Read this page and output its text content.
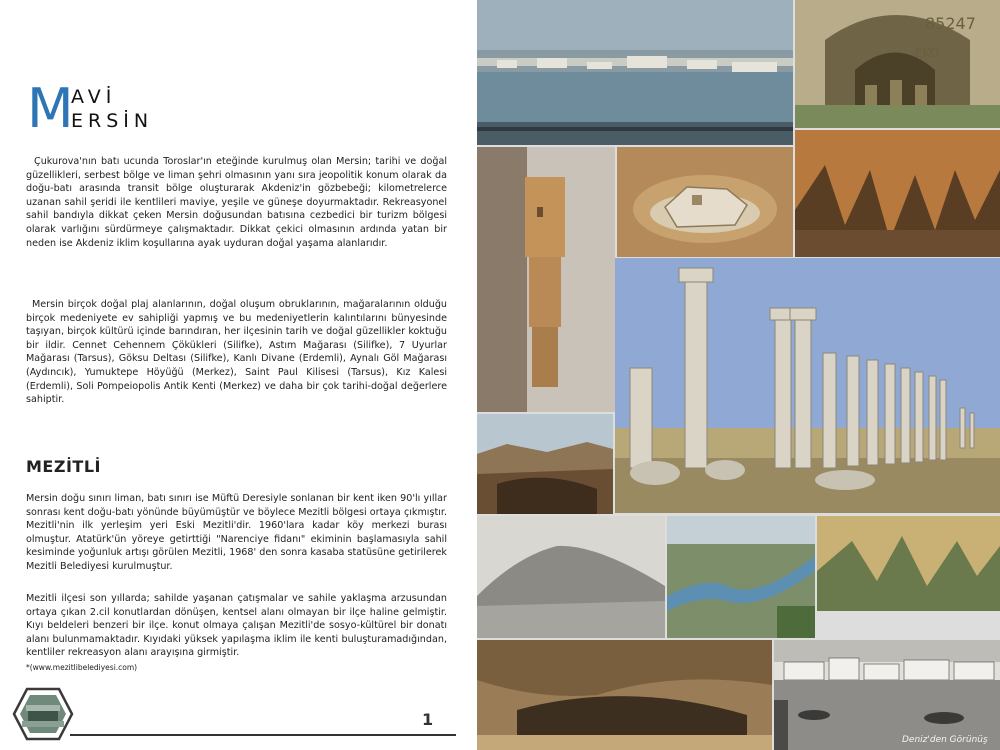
M
AVİ
ERSİN

Çukurova'nın batı ucunda Toroslar'ın eteğinde kurulmuş olan Mersin; tarihi ve doğal güzellikleri, serbest bölge ve liman şehri olmasının yanı sıra jeopolitik konum olarak da doğu-batı arasında transit bölge oluşturarak Akdeniz'in gözbebeği; kilometrelerce uzanan sahil şeridi ile kentlileri maviye, yeşile ve güneşe doyurmaktadır. Rekreasyonel sahil bandıyla dikkat çeken Mersin doğusundan batısına cezbedici bir turizm bölgesi olarak varlığını sürdürmeye çalışmaktadır. Dikkat çekici olmasının ardında yatan bir neden ise Akdeniz iklim koşullarına ayak uyduran doğal yaşama alanlarıdır.

Mersin birçok doğal plaj alanlarının, doğal oluşum obruklarının, mağaralarının olduğu birçok medeniyete ev sahipliği yapmış ve bu medeniyetlerin kalıntılarını bünyesinde taşıyan, birçok kültürü içinde barındıran, her ilçesinin tarih ve doğal güzellikler koktuğu bir ildir. Cennet Cehennem Çökükleri (Silifke), Astım Mağarası (Silifke), 7 Uyurlar Mağarası (Tarsus), Göksu Deltası (Silifke), Kanlı Divane (Erdemli), Aynalı Göl Mağarası (Aydıncık), Yumuktepe Höyüğü (Merkez), Saint Paul Kilisesi (Tarsus), Kız Kalesi (Erdemli), Soli Pompeiopolis Antik Kenti (Merkez) ve daha bir çok tarihi-doğal değerlere sahiptir.

MEZİTLİ

Mersin doğu sınırı liman, batı sınırı ise Müftü Deresiyle sonlanan bir kent iken 90'lı yıllar sonrası kent doğu-batı yönünde büyümüştür ve böylece Mezitli bölgesi ortaya çıkmıştır. Mezitli'nin ilk yerleşim yeri Eski Mezitli'dir. 1960'lara kadar köy merkezi burası olmuştur. Atatürk'ün yöreye getirttiği "Narenciye fidanı" ekiminin başlamasıyla sahil kesiminde yoğunluk artışı görülen Mezitli, 1968' den sonra kasaba statüsüne getirilerek Mezitli Belediyesi kurulmuştur.

Mezitli ilçesi son yıllarda; sahilde yaşanan çatışmalar ve sahile yaklaşma arzusundan ortaya çıkan 2.cil konutlardan dönüşen, kentsel alanı olmayan bir ilçe haline gelmiştir. Kıyı beldeleri benzeri bir ilçe. konut olmaya çalışan Mezitli'de sosyo-kültürel bir donatı alanı bulunmamaktadır. Kıyıdaki yüksek yapılaşma iklim ile kenti buluşturamadığından, kentliler rekreasyon alanı arayışına girmiştir.

*(www.mezitlibelediyesi.com)
1
85247
EKO
Deniz'den Görünüş
